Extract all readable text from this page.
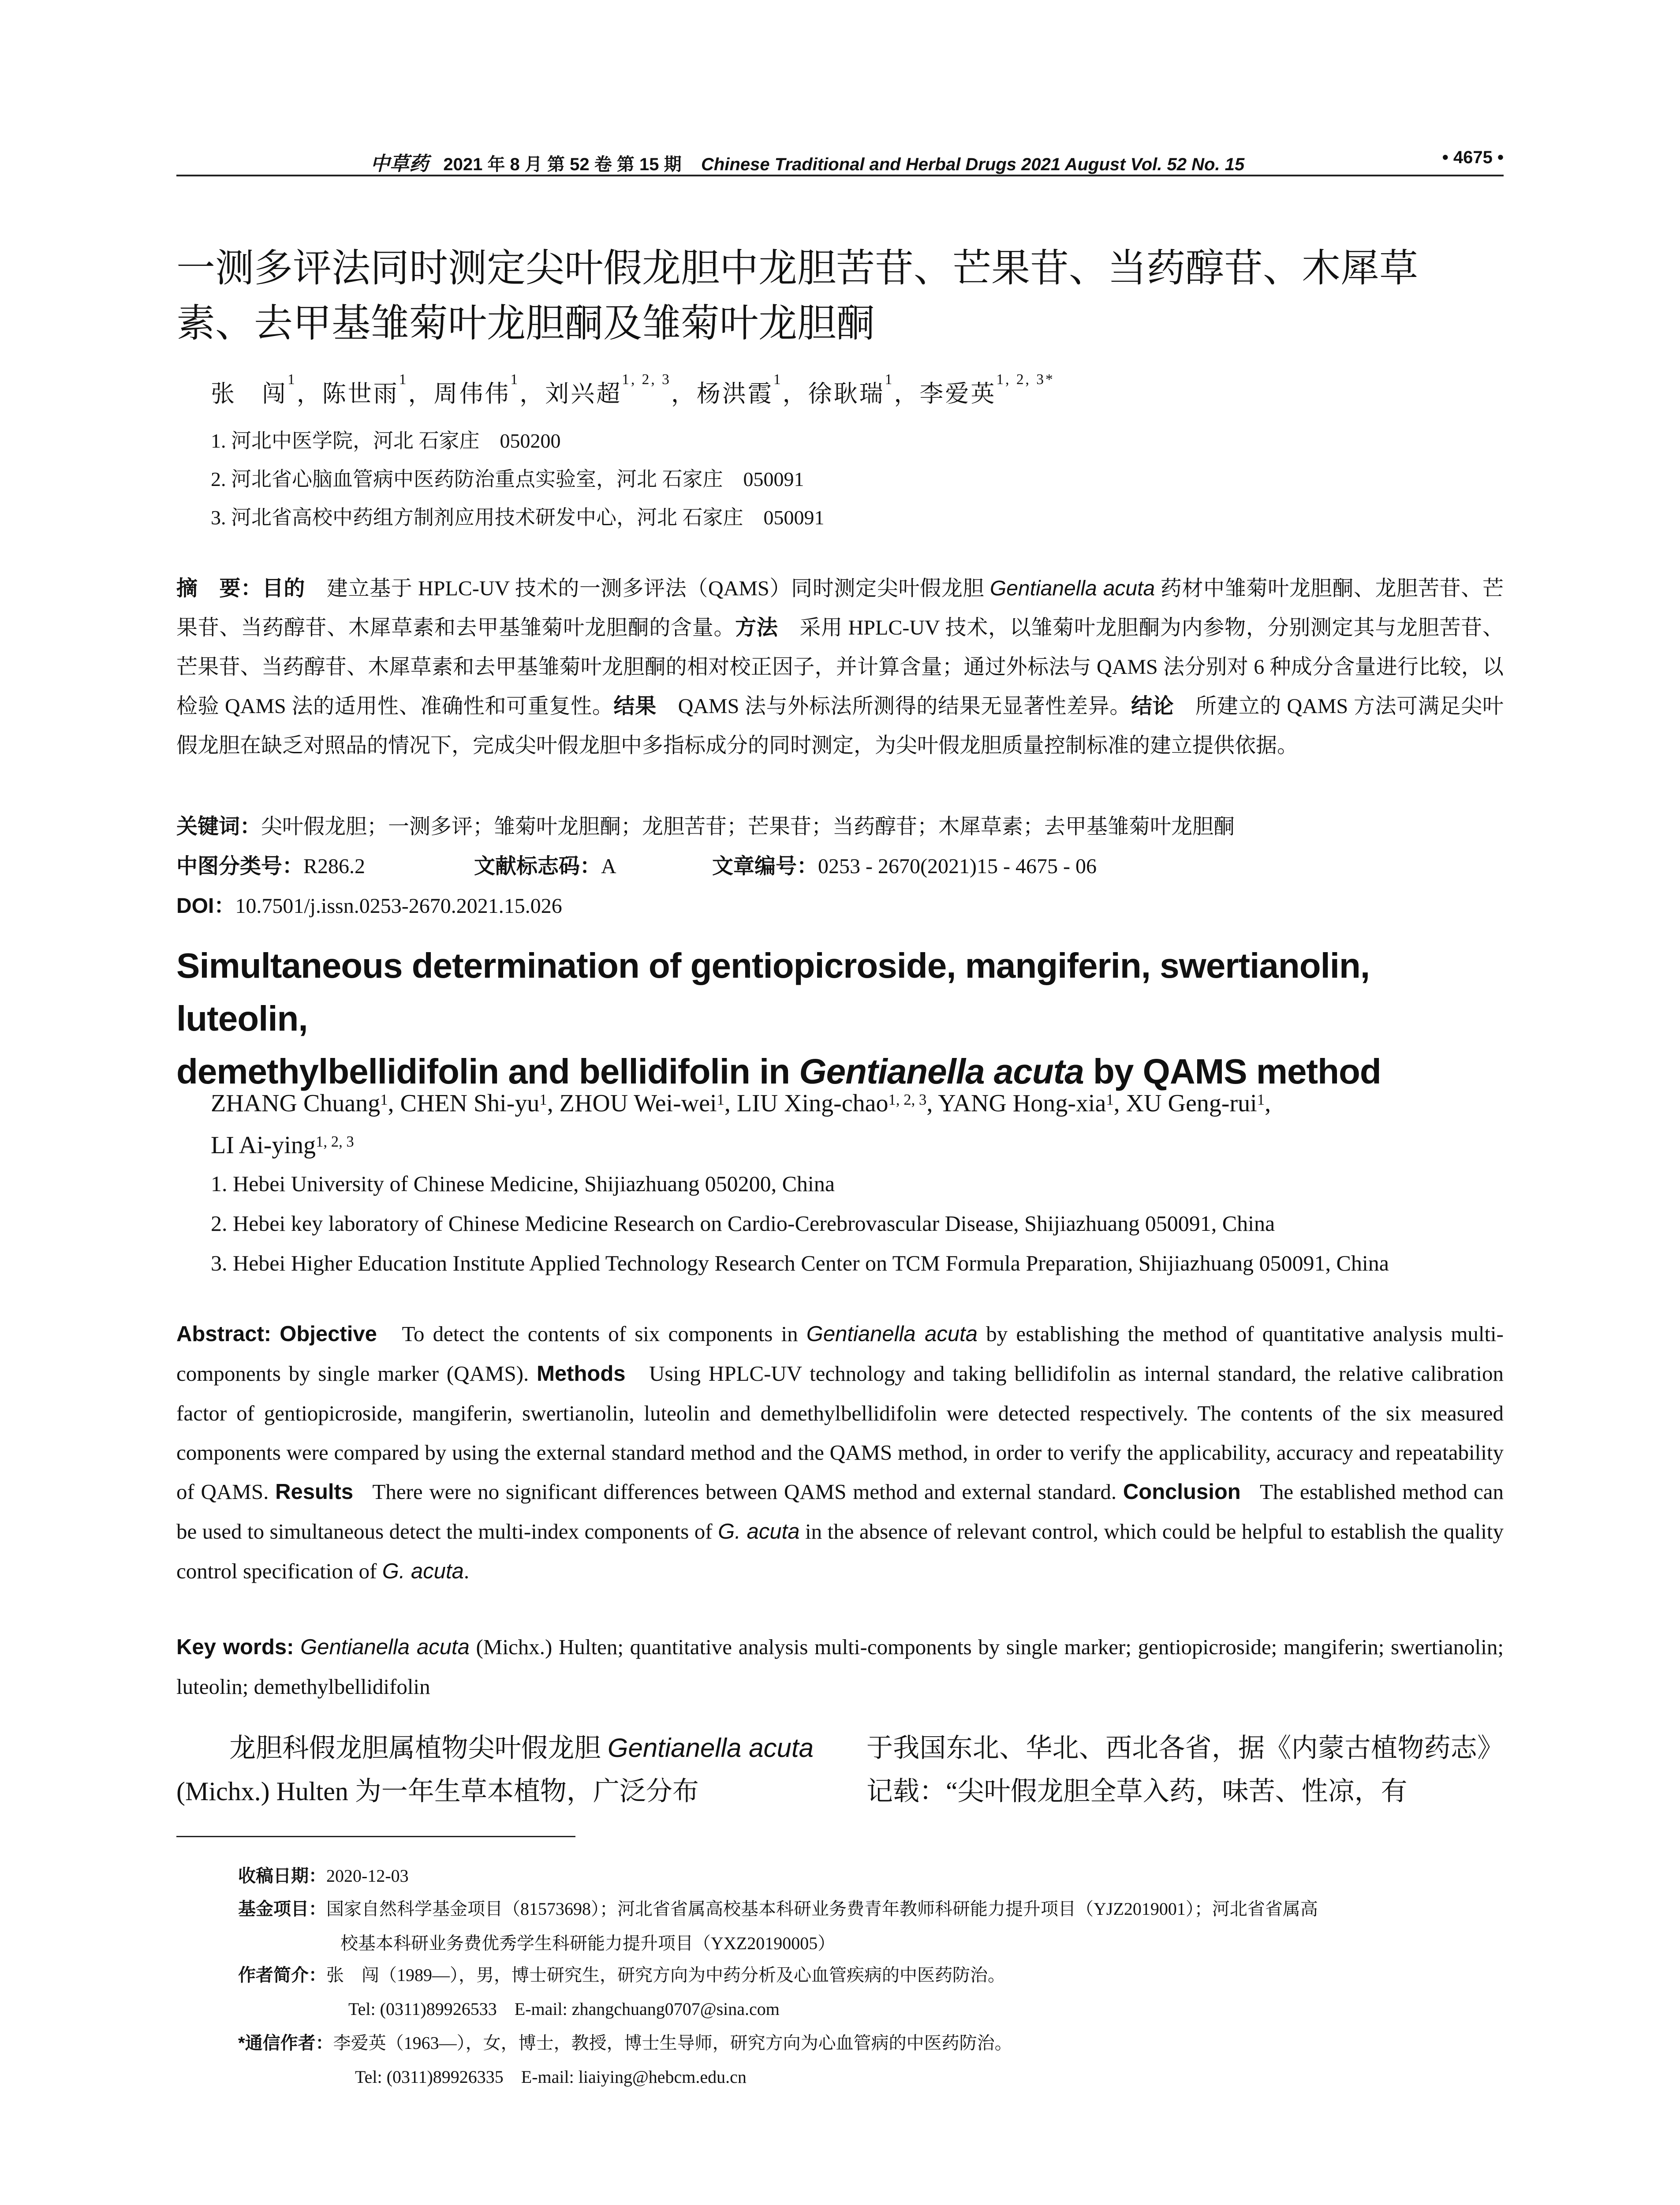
中草药 2021 年 8 月 第 52 卷 第 15 期 Chinese Traditional and Herbal Drugs 2021 August Vol. 52 No. 15	• 4675 •
一测多评法同时测定尖叶假龙胆中龙胆苦苷、芒果苷、当药醇苷、木犀草
素、去甲基雏菊叶龙胆酮及雏菊叶龙胆酮
张　闯$^1$，陈世雨$^1$，周伟伟$^1$，刘兴超$^{1, 2, 3}$，杨洪霞$^1$，徐耿瑞$^1$，李爱英$^{1, 2, 3*}$
1. 河北中医学院，河北 石家庄　050200
2. 河北省心脑血管病中医药防治重点实验室，河北 石家庄　050091
3. 河北省高校中药组方制剂应用技术研发中心，河北 石家庄　050091
摘　要：目的　 建立基于 HPLC-UV 技术的一测多评法（QAMS）同时测定尖叶假龙胆 Gentianella acuta 药材中雏菊叶龙胆酮、龙胆苦苷、芒果苷、当药醇苷、木犀草素和去甲基雏菊叶龙胆酮的含量。方法　 采用 HPLC-UV 技术，以雏菊叶龙胆酮为内参物，分别测定其与龙胆苦苷、芒果苷、当药醇苷、木犀草素和去甲基雏菊叶龙胆酮的相对校正因子，并计算含量；通过外标法与 QAMS 法分别对 6 种成分含量进行比较，以检验 QAMS 法的适用性、准确性和可重复性。结果　 QAMS 法与外标法所测得的结果无显著性差异。结论　 所建立的 QAMS 方法可满足尖叶假龙胆在缺乏对照品的情况下，完成尖叶假龙胆中多指标成分的同时测定，为尖叶假龙胆质量控制标准的建立提供依据。
关键词：尖叶假龙胆；一测多评；雏菊叶龙胆酮；龙胆苦苷；芒果苷；当药醇苷；木犀草素；去甲基雏菊叶龙胆酮
中图分类号：R286.2	文献标志码：A	文章编号：0253 - 2670(2021)15 - 4675 - 06
DOI：10.7501/j.issn.0253-2670.2021.15.026
Simultaneous determination of gentiopicroside, mangiferin, swertianolin, luteolin,
demethylbellidifolin and bellidifolin in Gentianella acuta by QAMS method
ZHANG Chuang$^1$, CHEN Shi-$yu^1$, ZHOU Wei-wei$^1$, LIU Xing-chao$^{1, 2, 3}$, YANG Hong-xia$^1$, XU Geng-rui$^1$,
LI Ai-ying$^{1, 2, 3}$
1. Hebei University of Chinese Medicine, Shijiazhuang 050200, China
2. Hebei key laboratory of Chinese Medicine Research on Cardio-Cerebrovascular Disease, Shijiazhuang 050091, China
3. Hebei Higher Education Institute Applied Technology Research Center on TCM Formula Preparation, Shijiazhuang 050091, China
Abstract: Objective To detect the contents of six components in Gentianella acuta by establishing the method of quantitative analysis multi-components by single marker (QAMS). Methods Using HPLC-UV technology and taking bellidifolin as internal standard, the relative calibration factor of gentiopicroside, mangiferin, swertianolin, luteolin and demethylbellidifolin were detected respectively. The contents of the six measured components were compared by using the external standard method and the QAMS method, in order to verify the applicability, accuracy and repeatability of QAMS. Results There were no significant differences between QAMS method and external standard. Conclusion The established method can be used to simultaneous detect the multi-index components of G. acuta in the absence of relevant control, which could be helpful to establish the quality control specification of G. acuta.
Key words: Gentianella acuta (Michx.) Hulten; quantitative analysis multi-components by single marker; gentiopicroside; mangiferin; swertianolin; luteolin; demethylbellidifolin
龙胆科假龙胆属植物尖叶假龙胆 Gentianella acuta (Michx.) Hulten 为一年生草本植物，广泛分布
于我国东北、华北、西北各省，据《内蒙古植物药志》记载：“尖叶假龙胆全草入药，味苦、性凉，有
收稿日期：2020-12-03
基金项目：国家自然科学基金项目（81573698）；河北省省属高校基本科研业务费青年教师科研能力提升项目（YJZ2019001）；河北省省属高
校基本科研业务费优秀学生科研能力提升项目（YXZ20190005）
作者简介：张　闯（1989—），男，博士研究生，研究方向为中药分析及心血管疾病的中医药防治。
Tel: (0311)89926533　E-mail: zhangchuang0707@sina.com
*通信作者：李爱英（1963—），女，博士，教授，博士生导师，研究方向为心血管病的中医药防治。
Tel: (0311)89926335　E-mail: liaiying@hebcm.edu.cn
